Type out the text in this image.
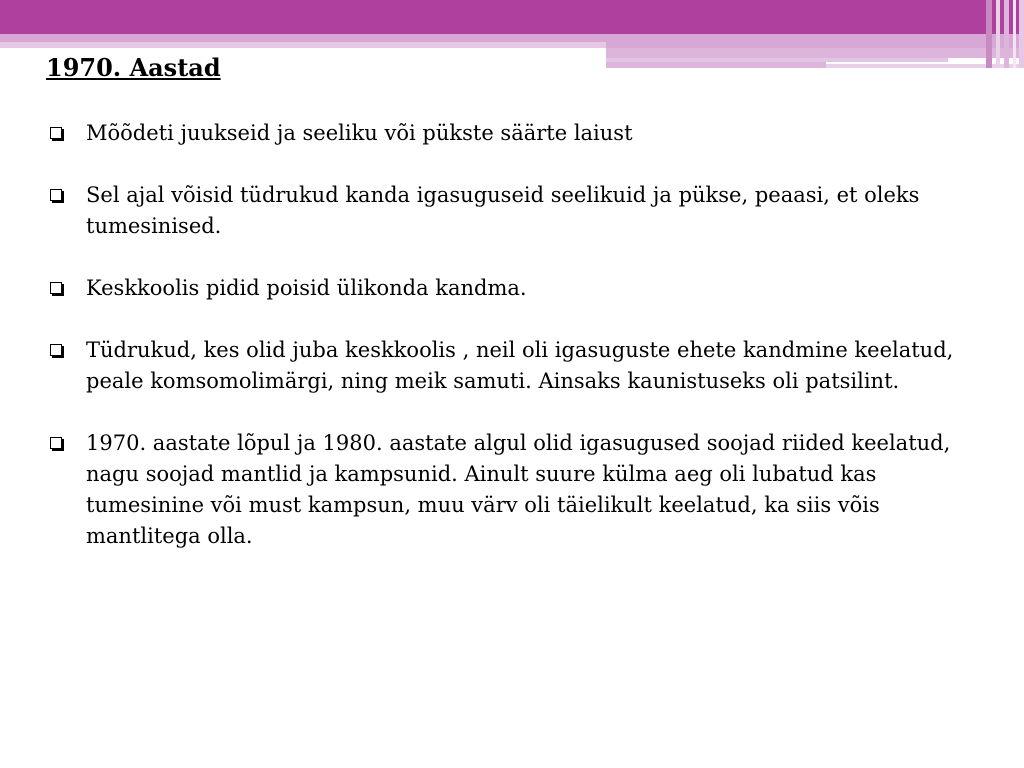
1970. Aastad
Mõõdeti juukseid ja seeliku või pükste säärte laiust
Sel ajal võisid tüdrukud kanda igasuguseid seelikuid ja pükse, peaasi, et oleks tumesinised.
Keskkoolis pidid poisid ülikonda kandma.
Tüdrukud, kes olid juba keskkoolis , neil oli igasuguste ehete kandmine keelatud, peale komsomolimärgi, ning meik samuti. Ainsaks kaunistuseks oli patsilint.
1970. aastate lõpul ja 1980. aastate algul olid igasugused soojad riided keelatud, nagu soojad mantlid ja kampsunid. Ainult suure külma aeg oli lubatud kas tumesinine või must kampsun, muu värv oli täielikult keelatud, ka siis võis mantlitega olla.
